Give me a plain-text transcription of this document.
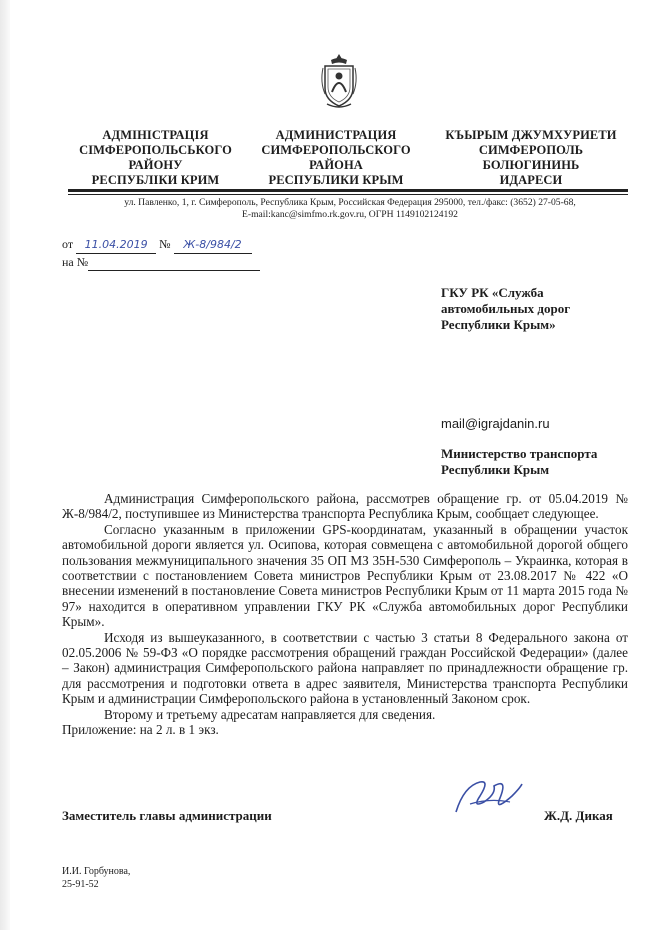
АДМІНІСТРАЦІЯ
СІМФЕРОПОЛЬСЬКОГО
РАЙОНУ
РЕСПУБЛІКИ КРИМ
АДМИНИСТРАЦИЯ
СИМФЕРОПОЛЬСКОГО
РАЙОНА
РЕСПУБЛИКИ КРЫМ
КЪЫРЫМ ДЖУМХУРИЕТИ
СИМФЕРОПОЛЬ
БОЛЮГИНИНЬ
ИДАРЕСИ
ул. Павленко, 1, г. Симферополь, Республика Крым, Российская Федерация 295000, тел./факс: (3652) 27-05-68,
E-mail:kanc@simfmo.rk.gov.ru, ОГРН 1149102124192
от 11.04.2019 № Ж-8/984/2
на №
ГКУ РК «Служба
автомобильных дорог
Республики Крым»
mail@igrajdanin.ru
Министерство транспорта
Республики Крым

Администрация Симферопольского района, рассмотрев обращение гр. от 05.04.2019 № Ж-8/984/2, поступившее из Министерства транспорта Республика Крым, сообщает следующее.

Согласно указанным в приложении GPS-координатам, указанный в обращении участок автомобильной дороги является ул. Осипова, которая совмещена с автомобильной дорогой общего пользования межмуниципального значения 35 ОП МЗ 35Н-530 Симферополь – Украинка, которая в соответствии с постановлением Совета министров Республики Крым от 23.08.2017 № 422 «О внесении изменений в постановление Совета министров Республики Крым от 11 марта 2015 года № 97» находится в оперативном управлении ГКУ РК «Служба автомобильных дорог Республики Крым».

Исходя из вышеуказанного, в соответствии с частью 3 статьи 8 Федерального закона от 02.05.2006 № 59-ФЗ «О порядке рассмотрения обращений граждан Российской Федерации» (далее – Закон) администрация Симферопольского района направляет по принадлежности обращение гр. для рассмотрения и подготовки ответа в адрес заявителя, Министерства транспорта Республики Крым и администрации Симферопольского района в установленный Законом срок.

Второму и третьему адресатам направляется для сведения.

Приложение: на 2 л. в 1 экз.

Заместитель главы администрации	Ж.Д. Дикая
И.И. Горбунова,
25-91-52
